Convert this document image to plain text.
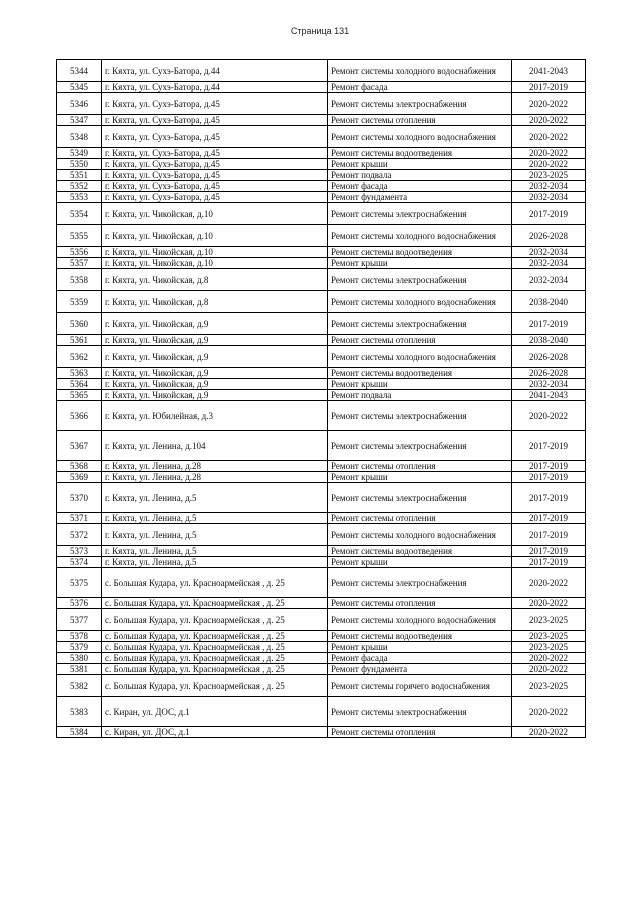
Страница 131
5344	г. Кяхта, ул. Сухэ-Батора, д.44	Ремонт системы холодного водоснабжения	2041-2043
5345	г. Кяхта, ул. Сухэ-Батора, д.44	Ремонт фасада	2017-2019
5346	г. Кяхта, ул. Сухэ-Батора, д.45	Ремонт системы электроснабжения	2020-2022
5347	г. Кяхта, ул. Сухэ-Батора, д.45	Ремонт системы отопления	2020-2022
5348	г. Кяхта, ул. Сухэ-Батора, д.45	Ремонт системы холодного водоснабжения	2020-2022
5349	г. Кяхта, ул. Сухэ-Батора, д.45	Ремонт системы водоотведения	2020-2022
5350	г. Кяхта, ул. Сухэ-Батора, д.45	Ремонт крыши	2020-2022
5351	г. Кяхта, ул. Сухэ-Батора, д.45	Ремонт подвала	2023-2025
5352	г. Кяхта, ул. Сухэ-Батора, д.45	Ремонт фасада	2032-2034
5353	г. Кяхта, ул. Сухэ-Батора, д.45	Ремонт фундамента	2032-2034
5354	г. Кяхта, ул. Чикойская, д.10	Ремонт системы электроснабжения	2017-2019
5355	г. Кяхта, ул. Чикойская, д.10	Ремонт системы холодного водоснабжения	2026-2028
5356	г. Кяхта, ул. Чикойская, д.10	Ремонт системы водоотведения	2032-2034
5357	г. Кяхта, ул. Чикойская, д.10	Ремонт крыши	2032-2034
5358	г. Кяхта, ул. Чикойская, д.8	Ремонт системы электроснабжения	2032-2034
5359	г. Кяхта, ул. Чикойская, д.8	Ремонт системы холодного водоснабжения	2038-2040
5360	г. Кяхта, ул. Чикойская, д.9	Ремонт системы электроснабжения	2017-2019
5361	г. Кяхта, ул. Чикойская, д.9	Ремонт системы отопления	2038-2040
5362	г. Кяхта, ул. Чикойская, д.9	Ремонт системы холодного водоснабжения	2026-2028
5363	г. Кяхта, ул. Чикойская, д.9	Ремонт системы водоотведения	2026-2028
5364	г. Кяхта, ул. Чикойская, д.9	Ремонт крыши	2032-2034
5365	г. Кяхта, ул. Чикойская, д.9	Ремонт подвала	2041-2043
5366	г. Кяхта, ул. Юбилейная, д.3	Ремонт системы электроснабжения	2020-2022
5367	г. Кяхта, ул. Ленина, д.104	Ремонт системы электроснабжения	2017-2019
5368	г. Кяхта, ул. Ленина, д.28	Ремонт системы отопления	2017-2019
5369	г. Кяхта, ул. Ленина, д.28	Ремонт крыши	2017-2019
5370	г. Кяхта, ул. Ленина, д.5	Ремонт системы электроснабжения	2017-2019
5371	г. Кяхта, ул. Ленина, д.5	Ремонт системы отопления	2017-2019
5372	г. Кяхта, ул. Ленина, д.5	Ремонт системы холодного водоснабжения	2017-2019
5373	г. Кяхта, ул. Ленина, д.5	Ремонт системы водоотведения	2017-2019
5374	г. Кяхта, ул. Ленина, д.5	Ремонт крыши	2017-2019
5375	с. Большая Кудара, ул. Красноармейская , д. 25	Ремонт системы электроснабжения	2020-2022
5376	с. Большая Кудара, ул. Красноармейская , д. 25	Ремонт системы отопления	2020-2022
5377	с. Большая Кудара, ул. Красноармейская , д. 25	Ремонт системы холодного водоснабжения	2023-2025
5378	с. Большая Кудара, ул. Красноармейская , д. 25	Ремонт системы водоотведения	2023-2025
5379	с. Большая Кудара, ул. Красноармейская , д. 25	Ремонт крыши	2023-2025
5380	с. Большая Кудара, ул. Красноармейская , д. 25	Ремонт фасада	2020-2022
5381	с. Большая Кудара, ул. Красноармейская , д. 25	Ремонт фундамента	2020-2022
5382	с. Большая Кудара, ул. Красноармейская , д. 25	Ремонт системы горячего водоснабжения	2023-2025
5383	с. Киран, ул. ДОС, д.1	Ремонт системы электроснабжения	2020-2022
5384	с. Киран, ул. ДОС, д.1	Ремонт системы отопления	2020-2022
